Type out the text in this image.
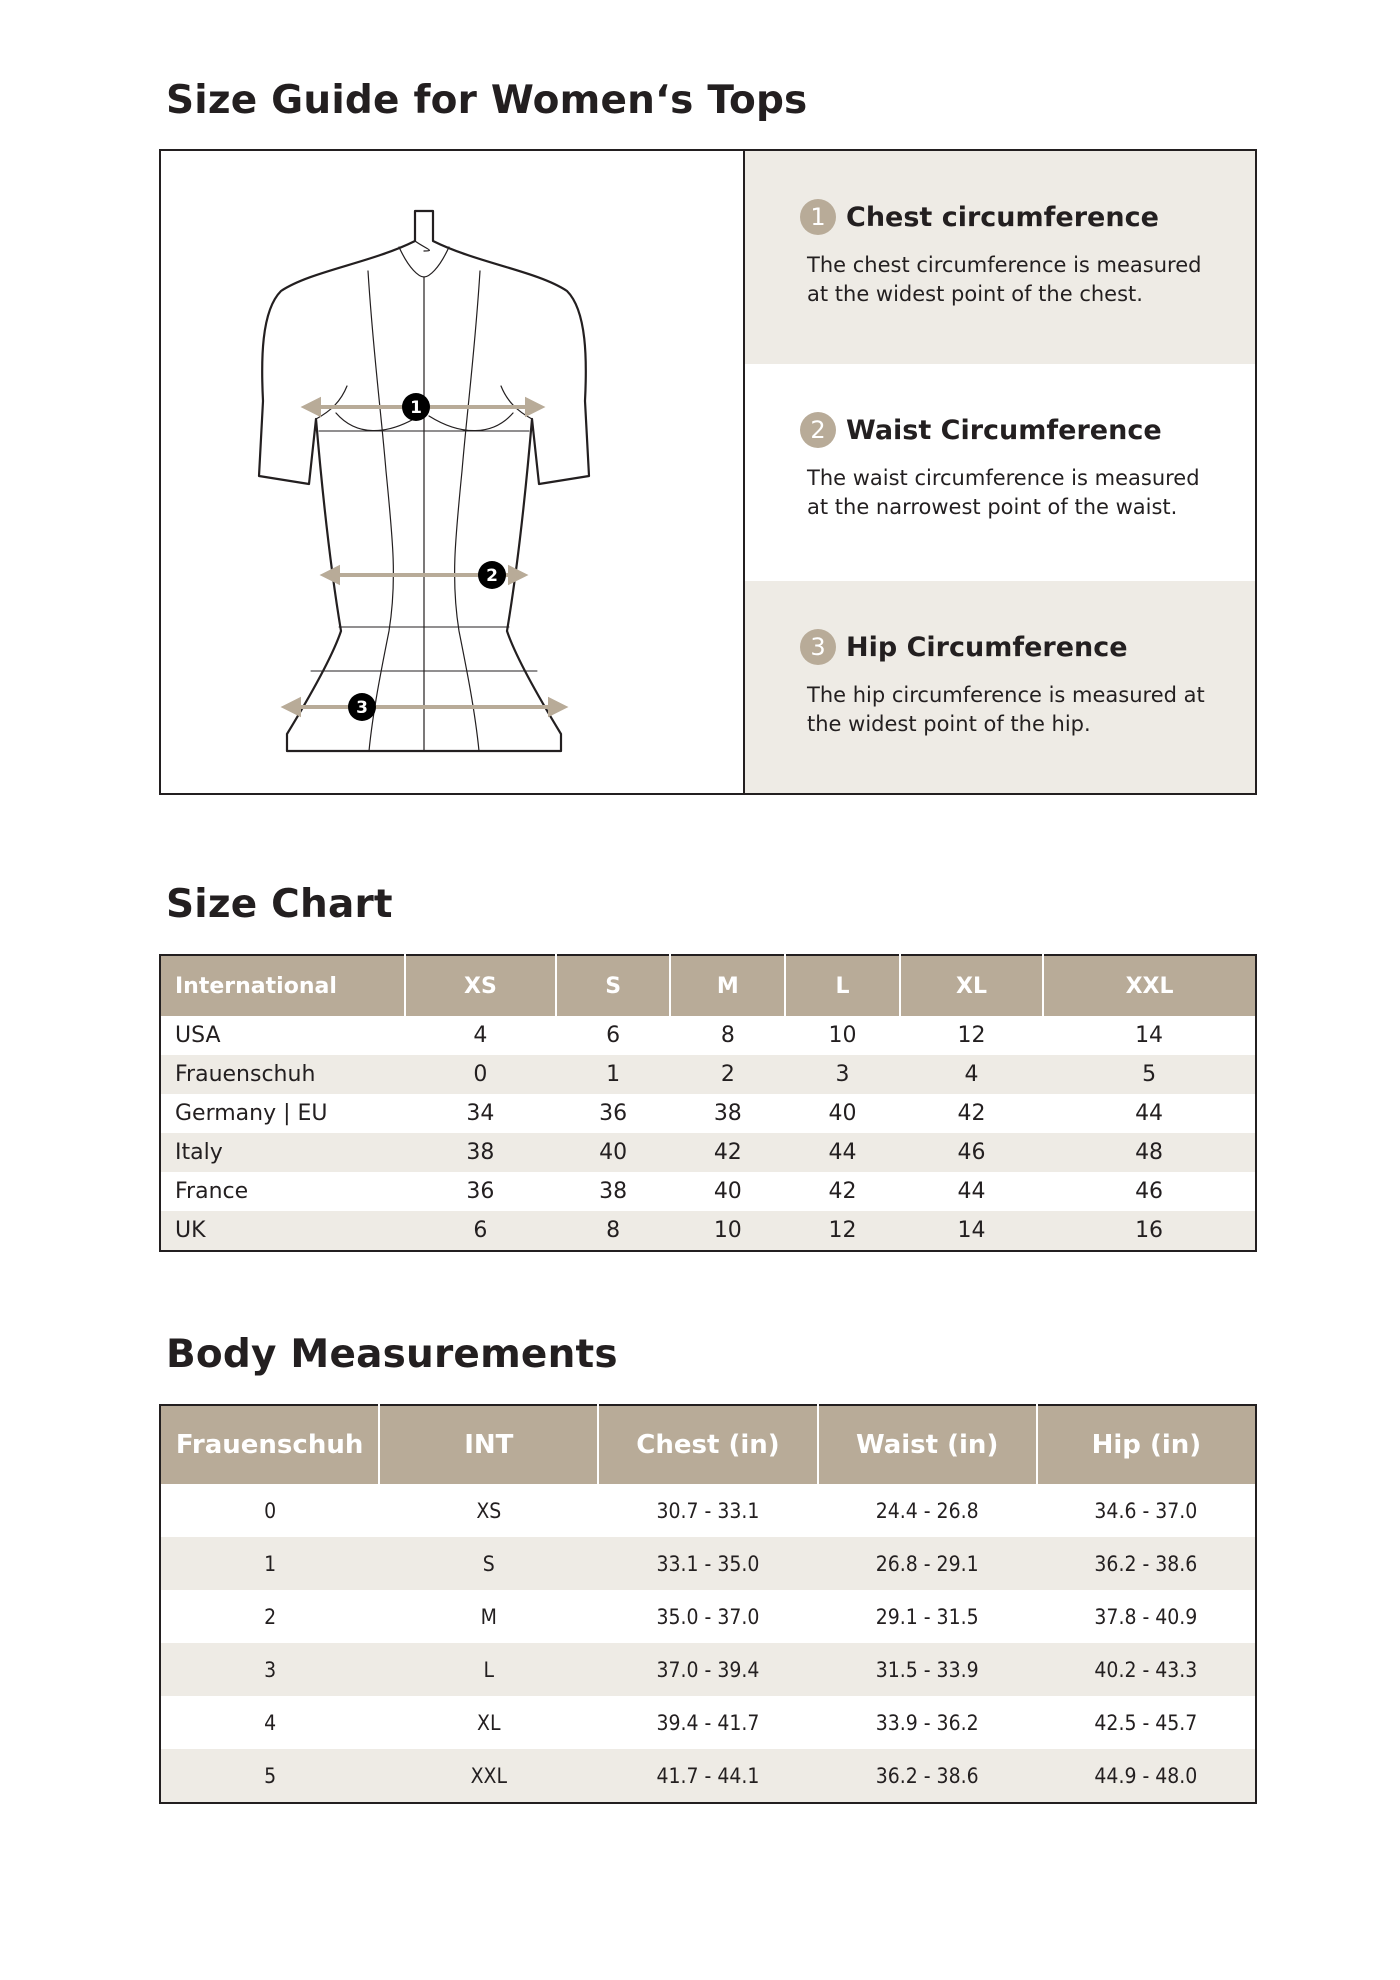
Size Guide for Women‘s Tops
1
2
3
1 Chest circumference

The chest circumference is measured at the widest point of the chest.

2 Waist Circumference

The waist circumference is measured at the narrowest point of the waist.

3 Hip Circumference

The hip circumference is measured at the widest point of the hip.

Size Chart
International	XS	S	M	L	XL	XXL
USA	4	6	8	10	12	14
Frauenschuh	0	1	2	3	4	5
Germany | EU	34	36	38	40	42	44
Italy	38	40	42	44	46	48
France	36	38	40	42	44	46
UK	6	8	10	12	14	16
Body Measurements
Frauenschuh	INT	Chest (in)	Waist (in)	Hip (in)
0	XS	30.7 - 33.1	24.4 - 26.8	34.6 - 37.0
1	S	33.1 - 35.0	26.8 - 29.1	36.2 - 38.6
2	M	35.0 - 37.0	29.1 - 31.5	37.8 - 40.9
3	L	37.0 - 39.4	31.5 - 33.9	40.2 - 43.3
4	XL	39.4 - 41.7	33.9 - 36.2	42.5 - 45.7
5	XXL	41.7 - 44.1	36.2 - 38.6	44.9 - 48.0
